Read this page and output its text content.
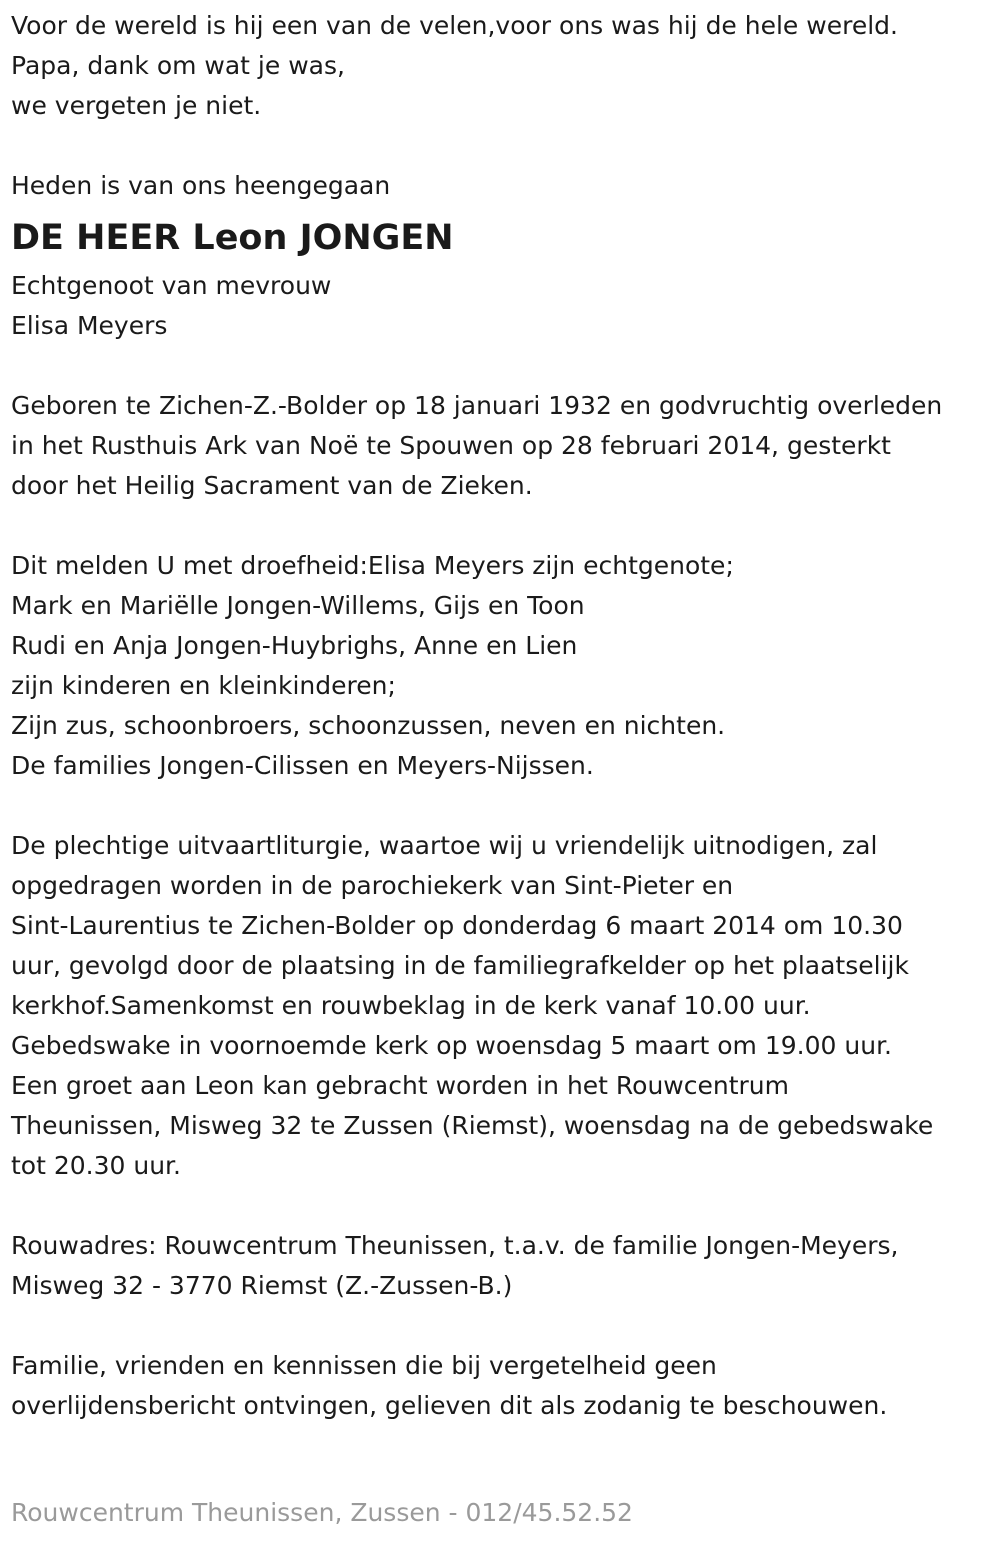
Voor de wereld is hij een van de velen,voor ons was hij de hele wereld.
Papa, dank om wat je was,
we vergeten je niet.
Heden is van ons heengegaan
DE HEER Leon JONGEN
Echtgenoot van mevrouw
Elisa Meyers
Geboren te Zichen-Z.-Bolder op 18 januari 1932 en godvruchtig overleden
in het Rusthuis Ark van Noë te Spouwen op 28 februari 2014, gesterkt
door het Heilig Sacrament van de Zieken.
Dit melden U met droefheid:Elisa Meyers zijn echtgenote;
Mark en Mariëlle Jongen-Willems, Gijs en Toon
Rudi en Anja Jongen-Huybrighs, Anne en Lien
zijn kinderen en kleinkinderen;
Zijn zus, schoonbroers, schoonzussen, neven en nichten.
De families Jongen-Cilissen en Meyers-Nijssen.
De plechtige uitvaartliturgie, waartoe wij u vriendelijk uitnodigen, zal
opgedragen worden in de parochiekerk van Sint-Pieter en
Sint-Laurentius te Zichen-Bolder op donderdag 6 maart 2014 om 10.30
uur, gevolgd door de plaatsing in de familiegrafkelder op het plaatselijk
kerkhof.Samenkomst en rouwbeklag in de kerk vanaf 10.00 uur.
Gebedswake in voornoemde kerk op woensdag 5 maart om 19.00 uur.
Een groet aan Leon kan gebracht worden in het Rouwcentrum
Theunissen, Misweg 32 te Zussen (Riemst), woensdag na de gebedswake
tot 20.30 uur.
Rouwadres: Rouwcentrum Theunissen, t.a.v. de familie Jongen-Meyers,
Misweg 32 - 3770 Riemst (Z.-Zussen-B.)
Familie, vrienden en kennissen die bij vergetelheid geen
overlijdensbericht ontvingen, gelieven dit als zodanig te beschouwen.
Rouwcentrum Theunissen, Zussen - 012/45.52.52
